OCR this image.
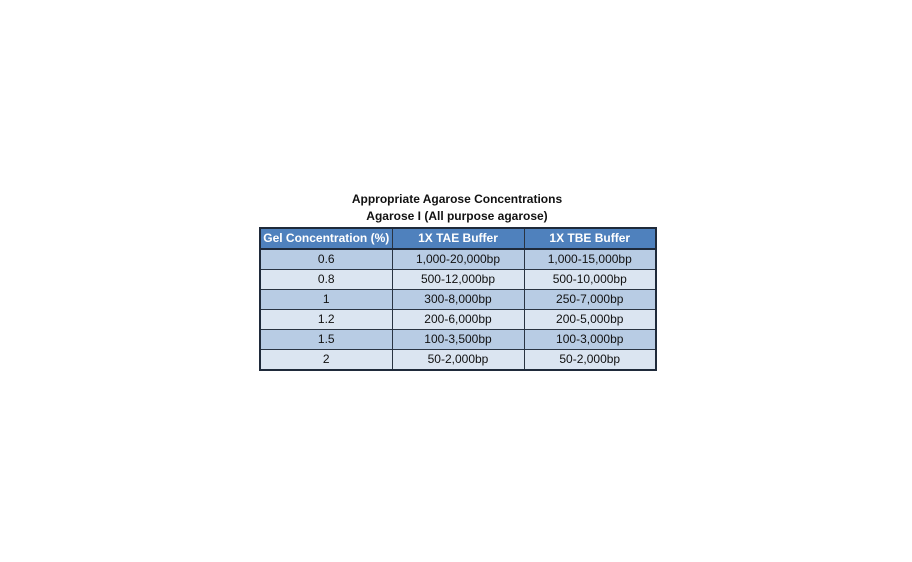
Appropriate Agarose Concentrations
Agarose I (All purpose agarose)
Gel Concentration (%)	1X TAE Buffer	1X TBE Buffer
0.6	1,000-20,000bp	1,000-15,000bp
0.8	500-12,000bp	500-10,000bp
1	300-8,000bp	250-7,000bp
1.2	200-6,000bp	200-5,000bp
1.5	100-3,500bp	100-3,000bp
2	50-2,000bp	50-2,000bp
